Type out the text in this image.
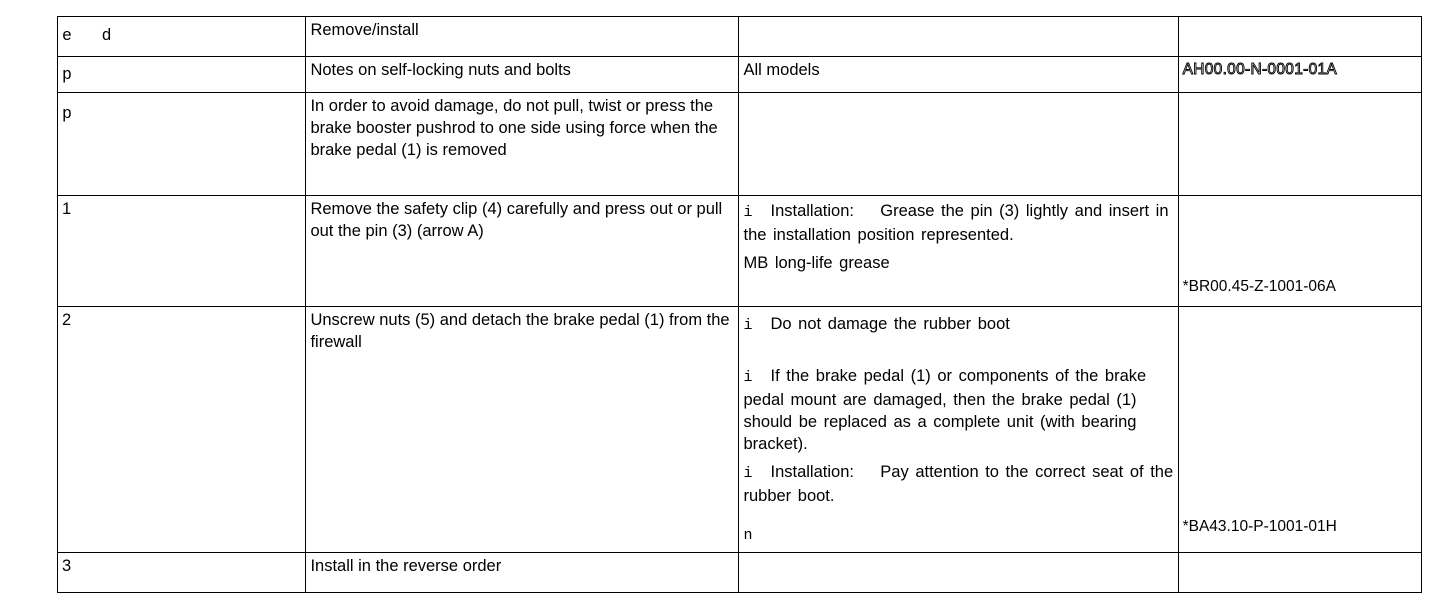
e   d	Remove/install		

p	Notes on self-locking nuts and bolts	All models	AH00.00-N-0001-01A

p	In order to avoid damage, do not pull, twist or press the brake booster pushrod to one side using force when the brake pedal (1) is removed		

1	Remove the safety clip (4) carefully and press out or pull out the pin (3) (arrow A)	i Installation:    Grease the pin (3) lightly and insert in the installation position represented.
MB long-life grease	*BR00.45-Z-1001-06A

2	Unscrew nuts (5) and detach the brake pedal (1) from the firewall	i Do not damage the rubber boot
i If the brake pedal (1) or components of the brake pedal mount are damaged, then the brake pedal (1) should be replaced as a complete unit (with bearing bracket).
i Installation:    Pay attention to the correct seat of the rubber boot.
n	*BA43.10-P-1001-01H

3	Install in the reverse order		
